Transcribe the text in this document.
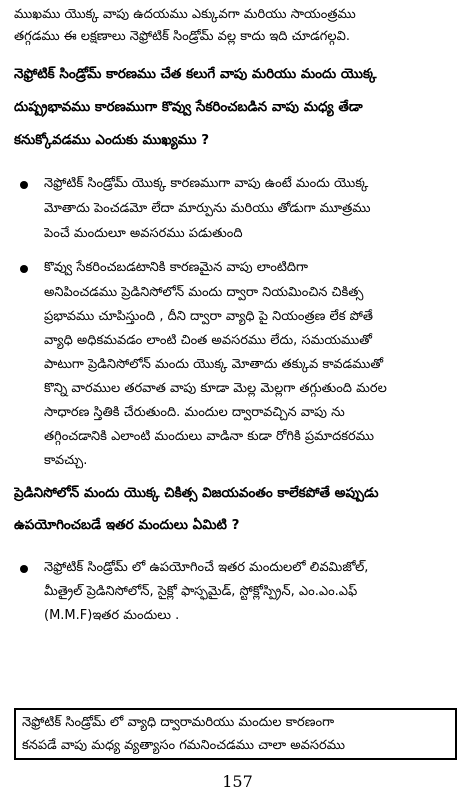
ముఖము యొక్క వాపు ఉదయము ఎక్కువగా మరియు సాయంత్రము
తగ్గడము ఈ లక్షణాలు నెఫ్రోటిక్ సిండ్రోమ్ వల్ల కాదు ఇది చూడగల్గవి.
నెఫ్రోటిక్ సిండ్రోమ్ కారణము చేత కలుగే వాపు మరియు మందు యొక్క
దుష్ప్రభావము కారణముగా కొవ్వు సేకరించబడిన వాపు మధ్య తేడా
కనుక్కోవడము ఎందుకు ముఖ్యము ?
నెఫ్రోటిక్ సిండ్రోమ్ యొక్క కారణముగా వాపు ఉంటే మందు యొక్క
మోతాదు పెంచడమో లేదా మార్పును మరియు తోడుగా మూత్రము
పెంచే మందులూ అవసరము పడుతుంది
కొవ్వు సేకరించబడటానికి కారణమైన వాపు లాంటిదిగా
అనిపించడము ప్రెడినిసోలోన్ మందు ద్వారా నియమించిన చికిత్స
ప్రభావము చూపిస్తుంది , దీని ద్వారా వ్యాధి పై నియంత్రణ లేక పోతే
వ్యాధి అధికమవడం లాంటి చింత అవసరము లేదు, సమయముతో
పాటుగా ప్రెడినిసోలోన్ మందు యొక్క మోతాదు తక్కువ కావడముతో
కొన్ని వారముల తరవాత వాపు కూడా మెల్ల మెల్లగా తగ్గుతుంది మరల
సాధారణ స్తితికి చేరుతుంది. మందుల ద్వారావచ్చిన వాపు ను
తగ్గించడానికి ఎలాంటి మందులు వాడినా కుడా రోగికి ప్రమాదకరము
కావచ్చు.
ప్రెడినిసోలోన్ మందు యొక్క చికిత్స విజయవంతం కాలేకపోతే అప్పుడు
ఉపయోగించబడే ఇతర మందులు ఏమిటి ?
నెఫ్రోటిక్ సిండ్రోమ్ లో ఉపయోగించే ఇతర మందులలో లివమిజోల్,
మీత్రైల్ ప్రెడినిసోలోన్, సైక్లో ఫాస్ఫమైడ్, స్టోక్లోస్ప్రిన్, ఎం.ఎం.ఎఫ్
(M.M.F)ఇతర మందులు .
నెఫ్రోటిక్ సిండ్రోమ్ లో వ్యాధి ద్వారామరియు మందుల కారణంగా
కనపడే వాపు మధ్య వ్యత్యాసం గమనించడము చాలా అవసరము
157
